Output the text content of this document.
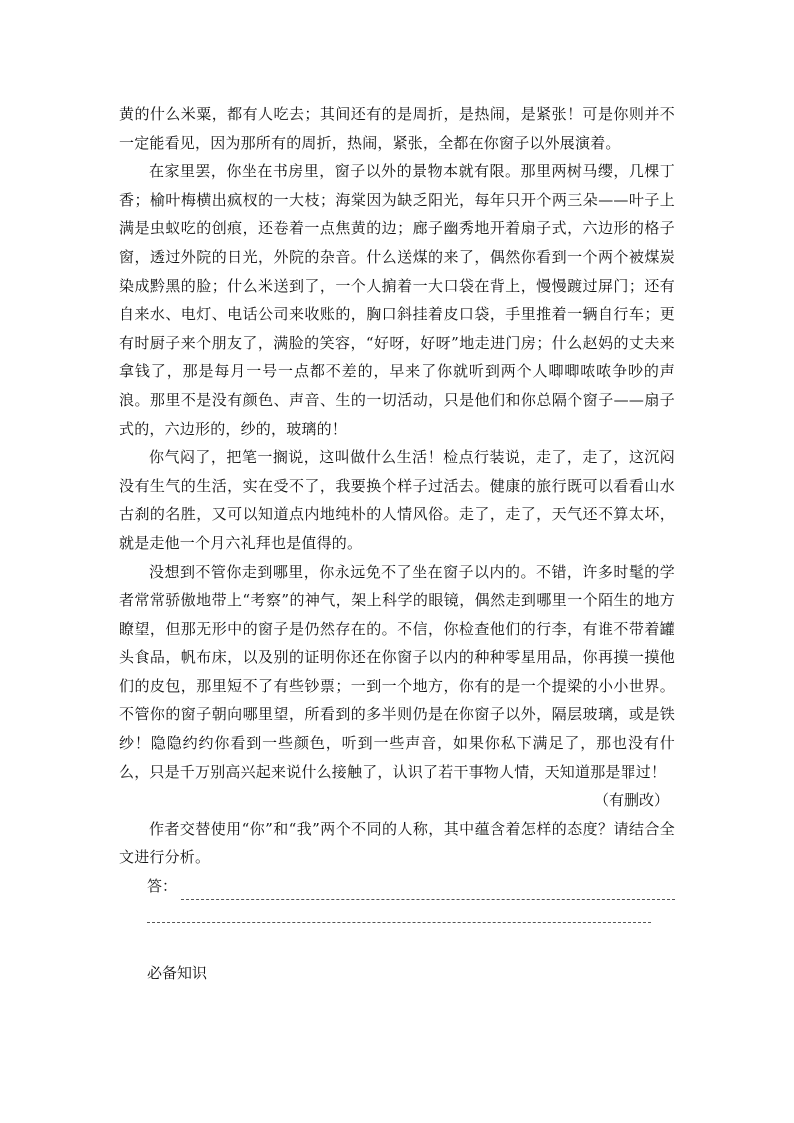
黄的什么米粟，都有人吃去；其间还有的是周折，是热闹，是紧张！可是你则并不一定能看见，因为那所有的周折，热闹，紧张，全都在你窗子以外展演着。

在家里罢，你坐在书房里，窗子以外的景物本就有限。那里两树马缨，几棵丁香；榆叶梅横出疯杈的一大枝；海棠因为缺乏阳光，每年只开个两三朵——叶子上满是虫蚁吃的创痕，还卷着一点焦黄的边；廊子幽秀地开着扇子式，六边形的格子窗，透过外院的日光，外院的杂音。什么送煤的来了，偶然你看到一个两个被煤炭染成黔黑的脸；什么米送到了，一个人掮着一大口袋在背上，慢慢踱过屏门；还有自来水、电灯、电话公司来收账的，胸口斜挂着皮口袋，手里推着一辆自行车；更有时厨子来个朋友了，满脸的笑容，“好呀，好呀”地走进门房；什么赵妈的丈夫来拿钱了，那是每月一号一点都不差的，早来了你就听到两个人唧唧哝哝争吵的声浪。那里不是没有颜色、声音、生的一切活动，只是他们和你总隔个窗子——扇子式的，六边形的，纱的，玻璃的！

你气闷了，把笔一搁说，这叫做什么生活！检点行装说，走了，走了，这沉闷没有生气的生活，实在受不了，我要换个样子过活去。健康的旅行既可以看看山水古刹的名胜，又可以知道点内地纯朴的人情风俗。走了，走了，天气还不算太坏，就是走他一个月六礼拜也是值得的。

没想到不管你走到哪里，你永远免不了坐在窗子以内的。不错，许多时髦的学者常常骄傲地带上“考察”的神气，架上科学的眼镜，偶然走到哪里一个陌生的地方瞭望，但那无形中的窗子是仍然存在的。不信，你检查他们的行李，有谁不带着罐头食品，帆布床，以及别的证明你还在你窗子以内的种种零星用品，你再摸一摸他们的皮包，那里短不了有些钞票；一到一个地方，你有的是一个提梁的小小世界。不管你的窗子朝向哪里望，所看到的多半则仍是在你窗子以外，隔层玻璃，或是铁纱！隐隐约约你看到一些颜色，听到一些声音，如果你私下满足了，那也没有什么，只是千万别高兴起来说什么接触了，认识了若干事物人情，天知道那是罪过！

（有删改）

作者交替使用“你”和“我”两个不同的人称，其中蕴含着怎样的态度？请结合全文进行分析。

答：
必备知识
